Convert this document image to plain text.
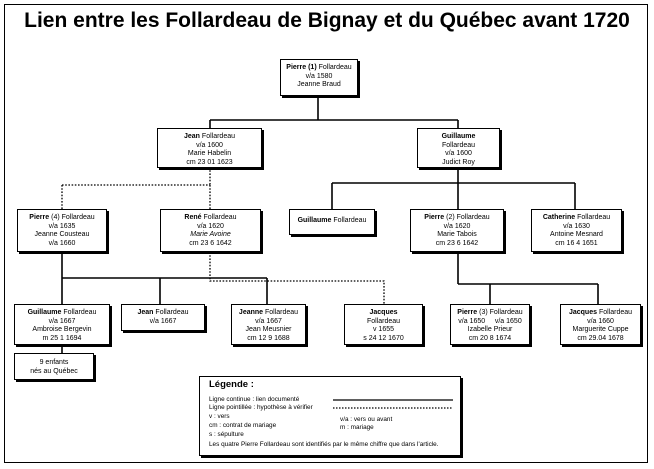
Lien entre les Follardeau de Bignay et du Québec avant 1720
Pierre (1) Follardeau
v/a 1580
Jeanne Braud
Jean Follardeau
v/a 1600
Marie Habelin
cm 23 01 1623
Guillaume
Follardeau
v/a 1600
Judict Roy
Pierre (4) Follardeau
v/a 1635
Jeanne Cousteau
v/a 1660
René Follardeau
v/a 1620
Marie Avoine
cm 23 6 1642
Guillaume Follardeau	Pierre (2) Follardeau
v/a 1620
Marie Tabois
cm 23 6 1642
Catherine Follardeau
v/a 1630
Antoine Mesnard
cm 16 4 1651
Guillaume Follardeau
v/a 1667
Ambroise Bergevin
m 25 1 1694
Jean Follardeau
v/a 1667
Jeanne Follardeau
v/a 1667
Jean Meusnier
cm 12 9 1688
Jacques
Follardeau
v 1655
s 24 12 1670
Pierre (3) Follardeau
v/a 1650     v/a 1650
Izabelle Prieur
cm 20 8 1674
Jacques Follardeau
v/a 1660
Marguerite Cuppe
cm 29.04 1678
9 enfants
nés au Québec
Légende :
Ligne continue : lien documenté
Ligne pointillée : hypothèse à vérifier
v : vers	v/a : vers ou avant
cm : contrat de mariage	m : mariage
s : sépulture
Les quatre Pierre Follardeau sont identifiés par le même chiffre que dans l'article.
